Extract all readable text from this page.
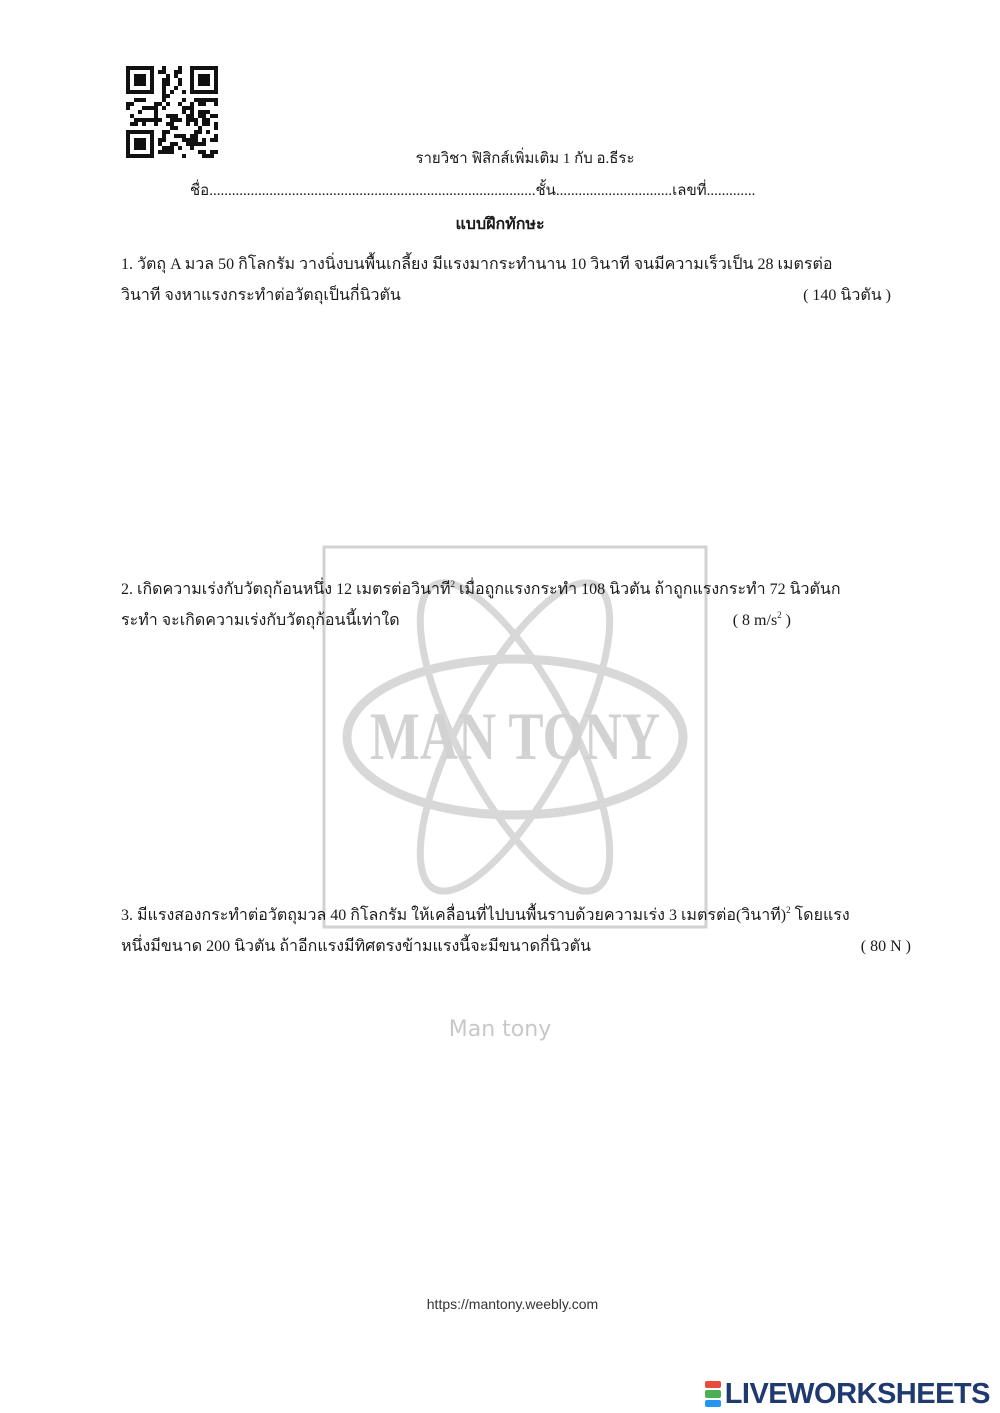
รายวิชา ฟิสิกส์เพิ่มเติม 1 กับ อ.ธีระ
ชื่อ.......................................................................................ชั้น...............................เลขที่.............
แบบฝึกทักษะ
1. วัตถุ A มวล 50 กิโลกรัม วางนิ่งบนพื้นเกลี้ยง มีแรงมากระทำนาน 10 วินาที จนมีความเร็วเป็น 28 เมตรต่อ
วินาที จงหาแรงกระทำต่อวัตถุเป็นกี่นิวตัน	( 140 นิวตัน )
MAN TONY
2. เกิดความเร่งกับวัตถุก้อนหนึ่ง 12 เมตรต่อวินาที$^2$ เมื่อถูกแรงกระทำ 108 นิวตัน ถ้าถูกแรงกระทำ 72 นิวตันก
ระทำ จะเกิดความเร่งกับวัตถุก้อนนี้เท่าใด	( 8 $m/s^2$ )
3. มีแรงสองกระทำต่อวัตถุมวล 40 กิโลกรัม ให้เคลื่อนที่ไปบนพื้นราบด้วยความเร่ง 3 เมตรต่อ(วินาที)$^2$ โดยแรง
หนึ่งมีขนาด 200 นิวตัน ถ้าอีกแรงมีทิศตรงข้ามแรงนี้จะมีขนาดกี่นิวตัน	( 80 N )
Man tony
https://mantony.weebly.com
LIVEWORKSHEETS
